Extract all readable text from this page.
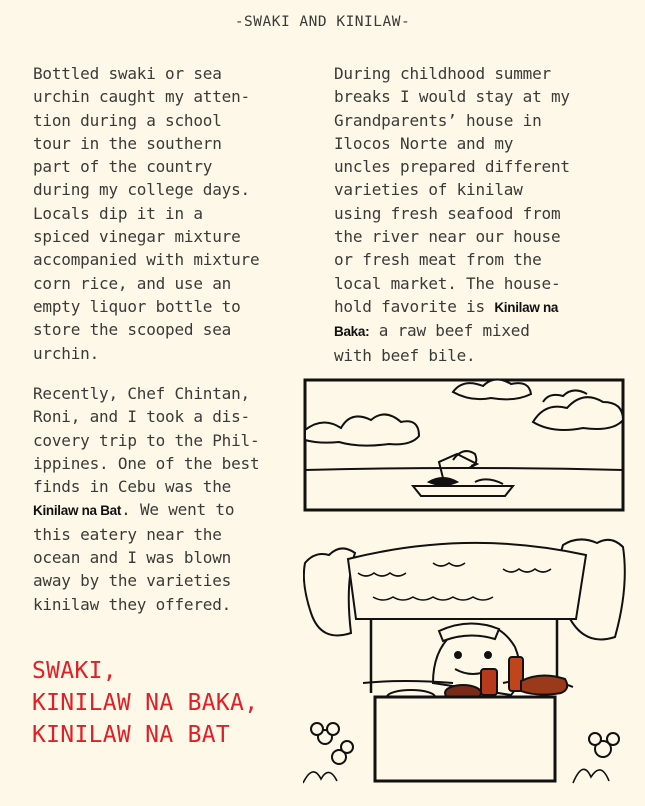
-SWAKI AND KINILAW-
Bottled swaki or sea
urchin caught my atten-
tion during a school
tour in the southern
part of the country
during my college days.
Locals dip it in a
spiced vinegar mixture
accompanied with mixture
corn rice, and use an
empty liquor bottle to
store the scooped sea
urchin.
During childhood summer
breaks I would stay at my
Grandparents’ house in
Ilocos Norte and my
uncles prepared different
varieties of kinilaw
using fresh seafood from
the river near our house
or fresh meat from the
local market. The house-
hold favorite is Kinilaw na
Baka: a raw beef mixed
with beef bile.
Recently, Chef Chintan,
Roni, and I took a dis-
covery trip to the Phil-
ippines. One of the best
finds in Cebu was the
Kinilaw na Bat. We went to
this eatery near the
ocean and I was blown
away by the varieties
kinilaw they offered.
SWAKI,
KINILAW NA BAKA,
KINILAW NA BAT
